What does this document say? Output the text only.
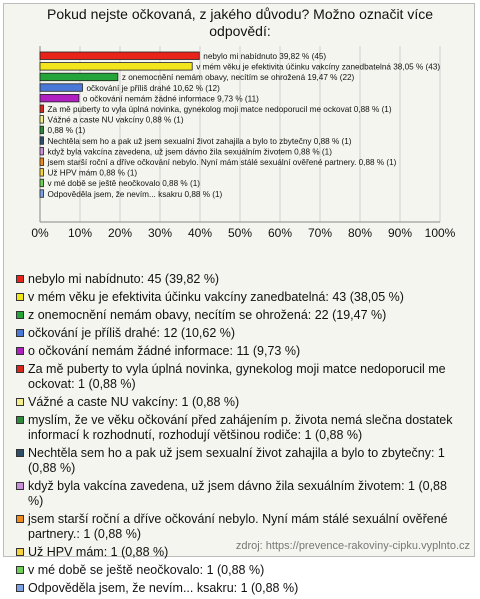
Pokud nejste očkovaná, z jakého důvodu? Možno označit více
odpovědí:
0% 10% 20% 30% 40% 50% 60% 70% 80% 90% 100%
nebylo mi nabídnuto 39,82 % (45)
v mém věku je efektivita účinku vakcíny zanedbatelná 38,05 % (43)
z onemocnění nemám obavy, necítím se ohrožená 19,47 % (22)
očkování je příliš drahé 10,62 % (12)
o očkování nemám žádné informace 9,73 % (11)
Za mě puberty to vyla úplná novinka, gynekolog moji matce nedoporucil me ockovat 0,88 % (1)
Vážné a caste NU vakcíny 0,88 % (1)
0,88 % (1)
Nechtěla sem ho a pak už jsem sexualní život zahajila a bylo to zbytečny 0,88 % (1)
když byla vakcína zavedena, už jsem dávno žila sexuálním životem 0,88 % (1)
jsem starší roční a dříve očkování nebylo. Nyní mám stálé sexuální ověřené partnery. 0,88 % (1)
Už HPV mám 0,88 % (1)
v mé době se ještě neočkovalo 0,88 % (1)
Odpověděla jsem, že nevím... ksakru 0,88 % (1)
nebylo mi nabídnuto: 45 (39,82 %)
v mém věku je efektivita účinku vakcíny zanedbatelná: 43 (38,05 %)
z onemocnění nemám obavy, necítím se ohrožená: 22 (19,47 %)
očkování je příliš drahé: 12 (10,62 %)
o očkování nemám žádné informace: 11 (9,73 %)
Za mě puberty to vyla úplná novinka, gynekolog moji matce nedoporucil me ockovat: 1 (0,88 %)
Vážné a caste NU vakcíny: 1 (0,88 %)
myslím, že ve věku očkování před zahájením p. života nemá slečna dostatek informací k rozhodnutí, rozhodují většinou rodiče: 1 (0,88 %)
Nechtěla sem ho a pak už jsem sexualní život zahajila a bylo to zbytečny: 1 (0,88 %)
když byla vakcína zavedena, už jsem dávno žila sexuálním životem: 1 (0,88 %)
jsem starší roční a dříve očkování nebylo. Nyní mám stálé sexuální ověřené partnery.: 1 (0,88 %)
Už HPV mám: 1 (0,88 %)
v mé době se ještě neočkovalo: 1 (0,88 %)
Odpověděla jsem, že nevím... ksakru: 1 (0,88 %)
zdroj: https://prevence-rakoviny-cipku.vyplnto.cz
